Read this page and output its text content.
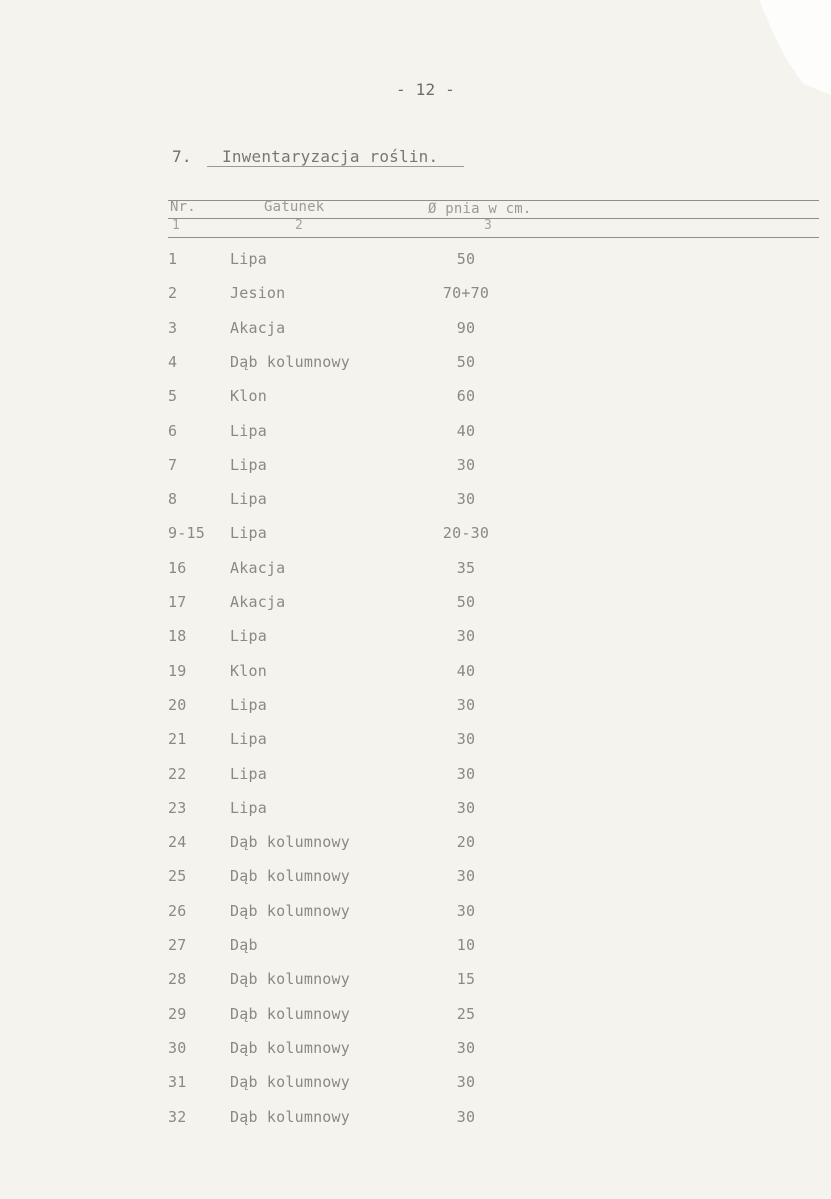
- 12 -
7. Inwentaryzacja roślin.
Nr.	Gatunek	Ø pnia w cm.
1	2	3
1	Lipa	50
2	Jesion	70+70
3	Akacja	90
4	Dąb kolumnowy	50
5	Klon	60
6	Lipa	40
7	Lipa	30
8	Lipa	30
9-15 Lipa	20-30
16	Akacja	35
17	Akacja	50
18	Lipa	30
19	Klon	40
20	Lipa	30
21	Lipa	30
22	Lipa	30
23	Lipa	30
24	Dąb kolumnowy	20
25	Dąb kolumnowy	30
26	Dąb kolumnowy	30
27	Dąb	10
28	Dąb kolumnowy	15
29	Dąb kolumnowy	25
30	Dąb kolumnowy	30
31	Dąb kolumnowy	30
32	Dąb kolumnowy	30
